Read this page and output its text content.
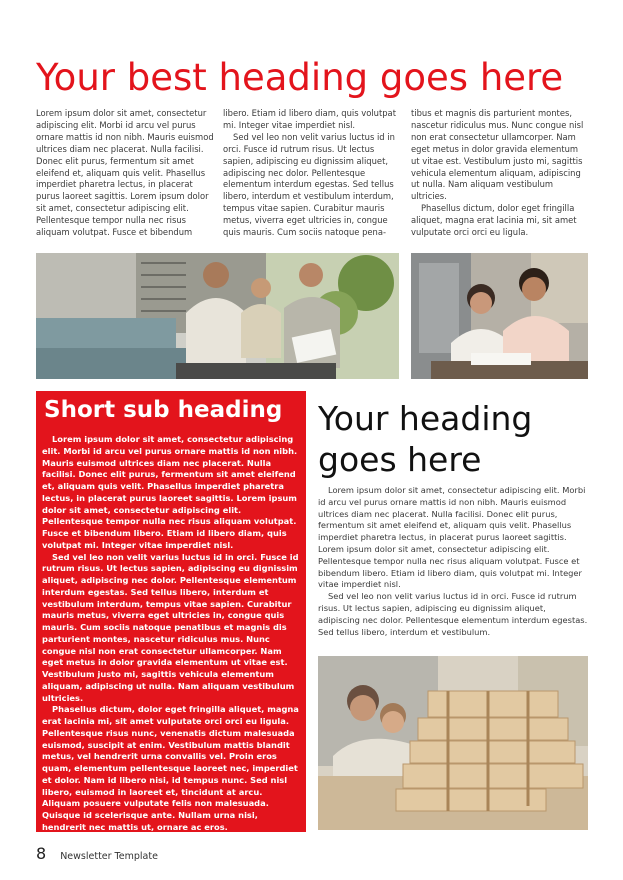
Your best heading goes here

Lorem ipsum dolor sit amet, consectetur adipiscing elit. Morbi id arcu vel purus ornare mattis id non nibh. Mauris euismod ultrices diam nec placerat. Nulla facilisi. Donec elit purus, fermentum sit amet eleifend et, aliquam quis velit. Phasellus imperdiet pharetra lectus, in placerat purus laoreet sagittis. Lorem ipsum dolor sit amet, consectetur adipiscing elit. Pellentesque tempor nulla nec risus aliquam volutpat. Fusce et bibendum

libero. Etiam id libero diam, quis volutpat mi. Integer vitae imperdiet nisl.

Sed vel leo non velit varius luctus id in orci. Fusce id rutrum risus. Ut lectus sapien, adipiscing eu dignissim aliquet, adipiscing nec dolor. Pellentesque elementum interdum egestas. Sed tellus libero, interdum et vestibulum interdum, tempus vitae sapien. Curabitur mauris metus, viverra eget ultricies in, congue quis mauris. Cum sociis natoque pena-

tibus et magnis dis parturient montes, nascetur ridiculus mus. Nunc congue nisl non erat consectetur ullamcorper. Nam eget metus in dolor gravida elementum ut vitae est. Vestibulum justo mi, sagittis vehicula elementum aliquam, adipiscing ut nulla. Nam aliquam vestibulum ultricies.

Phasellus dictum, dolor eget fringilla aliquet, magna erat lacinia mi, sit amet vulputate orci orci eu ligula.

Short sub heading

Lorem ipsum dolor sit amet, consectetur adipiscing elit. Morbi id arcu vel purus ornare mattis id non nibh. Mauris euismod ultrices diam nec placerat. Nulla facilisi. Donec elit purus, fermentum sit amet eleifend et, aliquam quis velit. Phasellus imperdiet pharetra lectus, in placerat purus laoreet sagittis. Lorem ipsum dolor sit amet, consectetur adipiscing elit. Pellentesque tempor nulla nec risus aliquam volutpat. Fusce et bibendum libero. Etiam id libero diam, quis volutpat mi. Integer vitae imperdiet nisl.

Sed vel leo non velit varius luctus id in orci. Fusce id rutrum risus. Ut lectus sapien, adipiscing eu dignissim aliquet, adipiscing nec dolor. Pellentesque elementum interdum egestas. Sed tellus libero, interdum et vestibulum interdum, tempus vitae sapien. Curabitur mauris metus, viverra eget ultricies in, congue quis mauris. Cum sociis natoque penatibus et magnis dis parturient montes, nascetur ridiculus mus. Nunc congue nisl non erat consectetur ullamcorper. Nam eget metus in dolor gravida elementum ut vitae est. Vestibulum justo mi, sagittis vehicula elementum aliquam, adipiscing ut nulla. Nam aliquam vestibulum ultricies.

Phasellus dictum, dolor eget fringilla aliquet, magna erat lacinia mi, sit amet vulputate orci orci eu ligula. Pellentesque risus nunc, venenatis dictum malesuada euismod, suscipit at enim. Vestibulum mattis blandit metus, vel hendrerit urna convallis vel. Proin eros quam, elementum pellentesque laoreet nec, imperdiet et dolor. Nam id libero nisi, id tempus nunc. Sed nisl libero, euismod in laoreet et, tincidunt at arcu. Aliquam posuere vulputate felis non malesuada. Quisque id scelerisque ante. Nullam urna nisi, hendrerit nec mattis ut, ornare ac eros.

Your heading goes here

Lorem ipsum dolor sit amet, consectetur adipiscing elit. Morbi id arcu vel purus ornare mattis id non nibh. Mauris euismod ultrices diam nec placerat. Nulla facilisi. Donec elit purus, fermentum sit amet eleifend et, aliquam quis velit. Phasellus imperdiet pharetra lectus, in placerat purus laoreet sagittis. Lorem ipsum dolor sit amet, consectetur adipiscing elit. Pellentesque tempor nulla nec risus aliquam volutpat. Fusce et bibendum libero. Etiam id libero diam, quis volutpat mi. Integer vitae imperdiet nisl.

Sed vel leo non velit varius luctus id in orci. Fusce id rutrum risus. Ut lectus sapien, adipiscing eu dignissim aliquet, adipiscing nec dolor. Pellentesque elementum interdum egestas. Sed tellus libero, interdum et vestibulum.

8 Newsletter Template
